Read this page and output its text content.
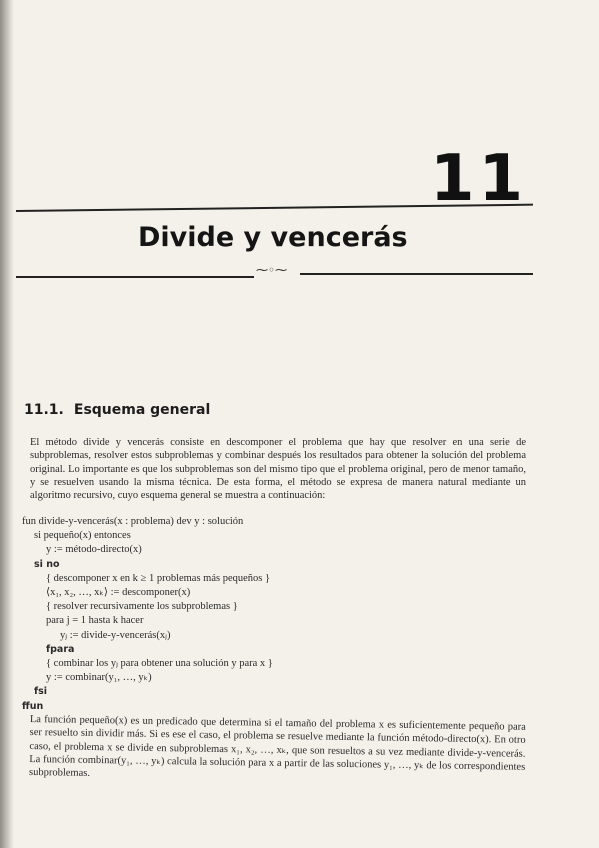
11
Divide y vencerás
⁓◦⁓
11.1. Esquema general
El método divide y vencerás consiste en descomponer el problema que hay que resolver en una serie de subproblemas, resolver estos subproblemas y combinar después los resultados para obtener la solución del problema original. Lo importante es que los subproblemas son del mismo tipo que el problema original, pero de menor tamaño, y se resuelven usando la misma técnica. De esta forma, el método se expresa de manera natural mediante un algoritmo recursivo, cuyo esquema general se muestra a continuación:
fun divide-y-vencerás(x : problema) dev y : solución
si pequeño(x) entonces
y := método-directo(x)
si no
{ descomponer x en k ≥ 1 problemas más pequeños }
⟨x₁, x₂, …, xₖ⟩ := descomponer(x)
{ resolver recursivamente los subproblemas }
para j = 1 hasta k hacer
yⱼ := divide-y-vencerás(xⱼ)
fpara
{ combinar los yⱼ para obtener una solución y para x }
y := combinar(y₁, …, yₖ)
fsi
ffun
La función pequeño(x) es un predicado que determina si el tamaño del problema x es suficientemente pequeño para ser resuelto sin dividir más. Si es ese el caso, el problema se resuelve mediante la función método-directo(x). En otro caso, el problema x se divide en subproblemas x₁, x₂, …, xₖ, que son resueltos a su vez mediante divide-y-vencerás. La función combinar(y₁, …, yₖ) calcula la solución para x a partir de las soluciones y₁, …, yₖ de los correspondientes subproblemas.
